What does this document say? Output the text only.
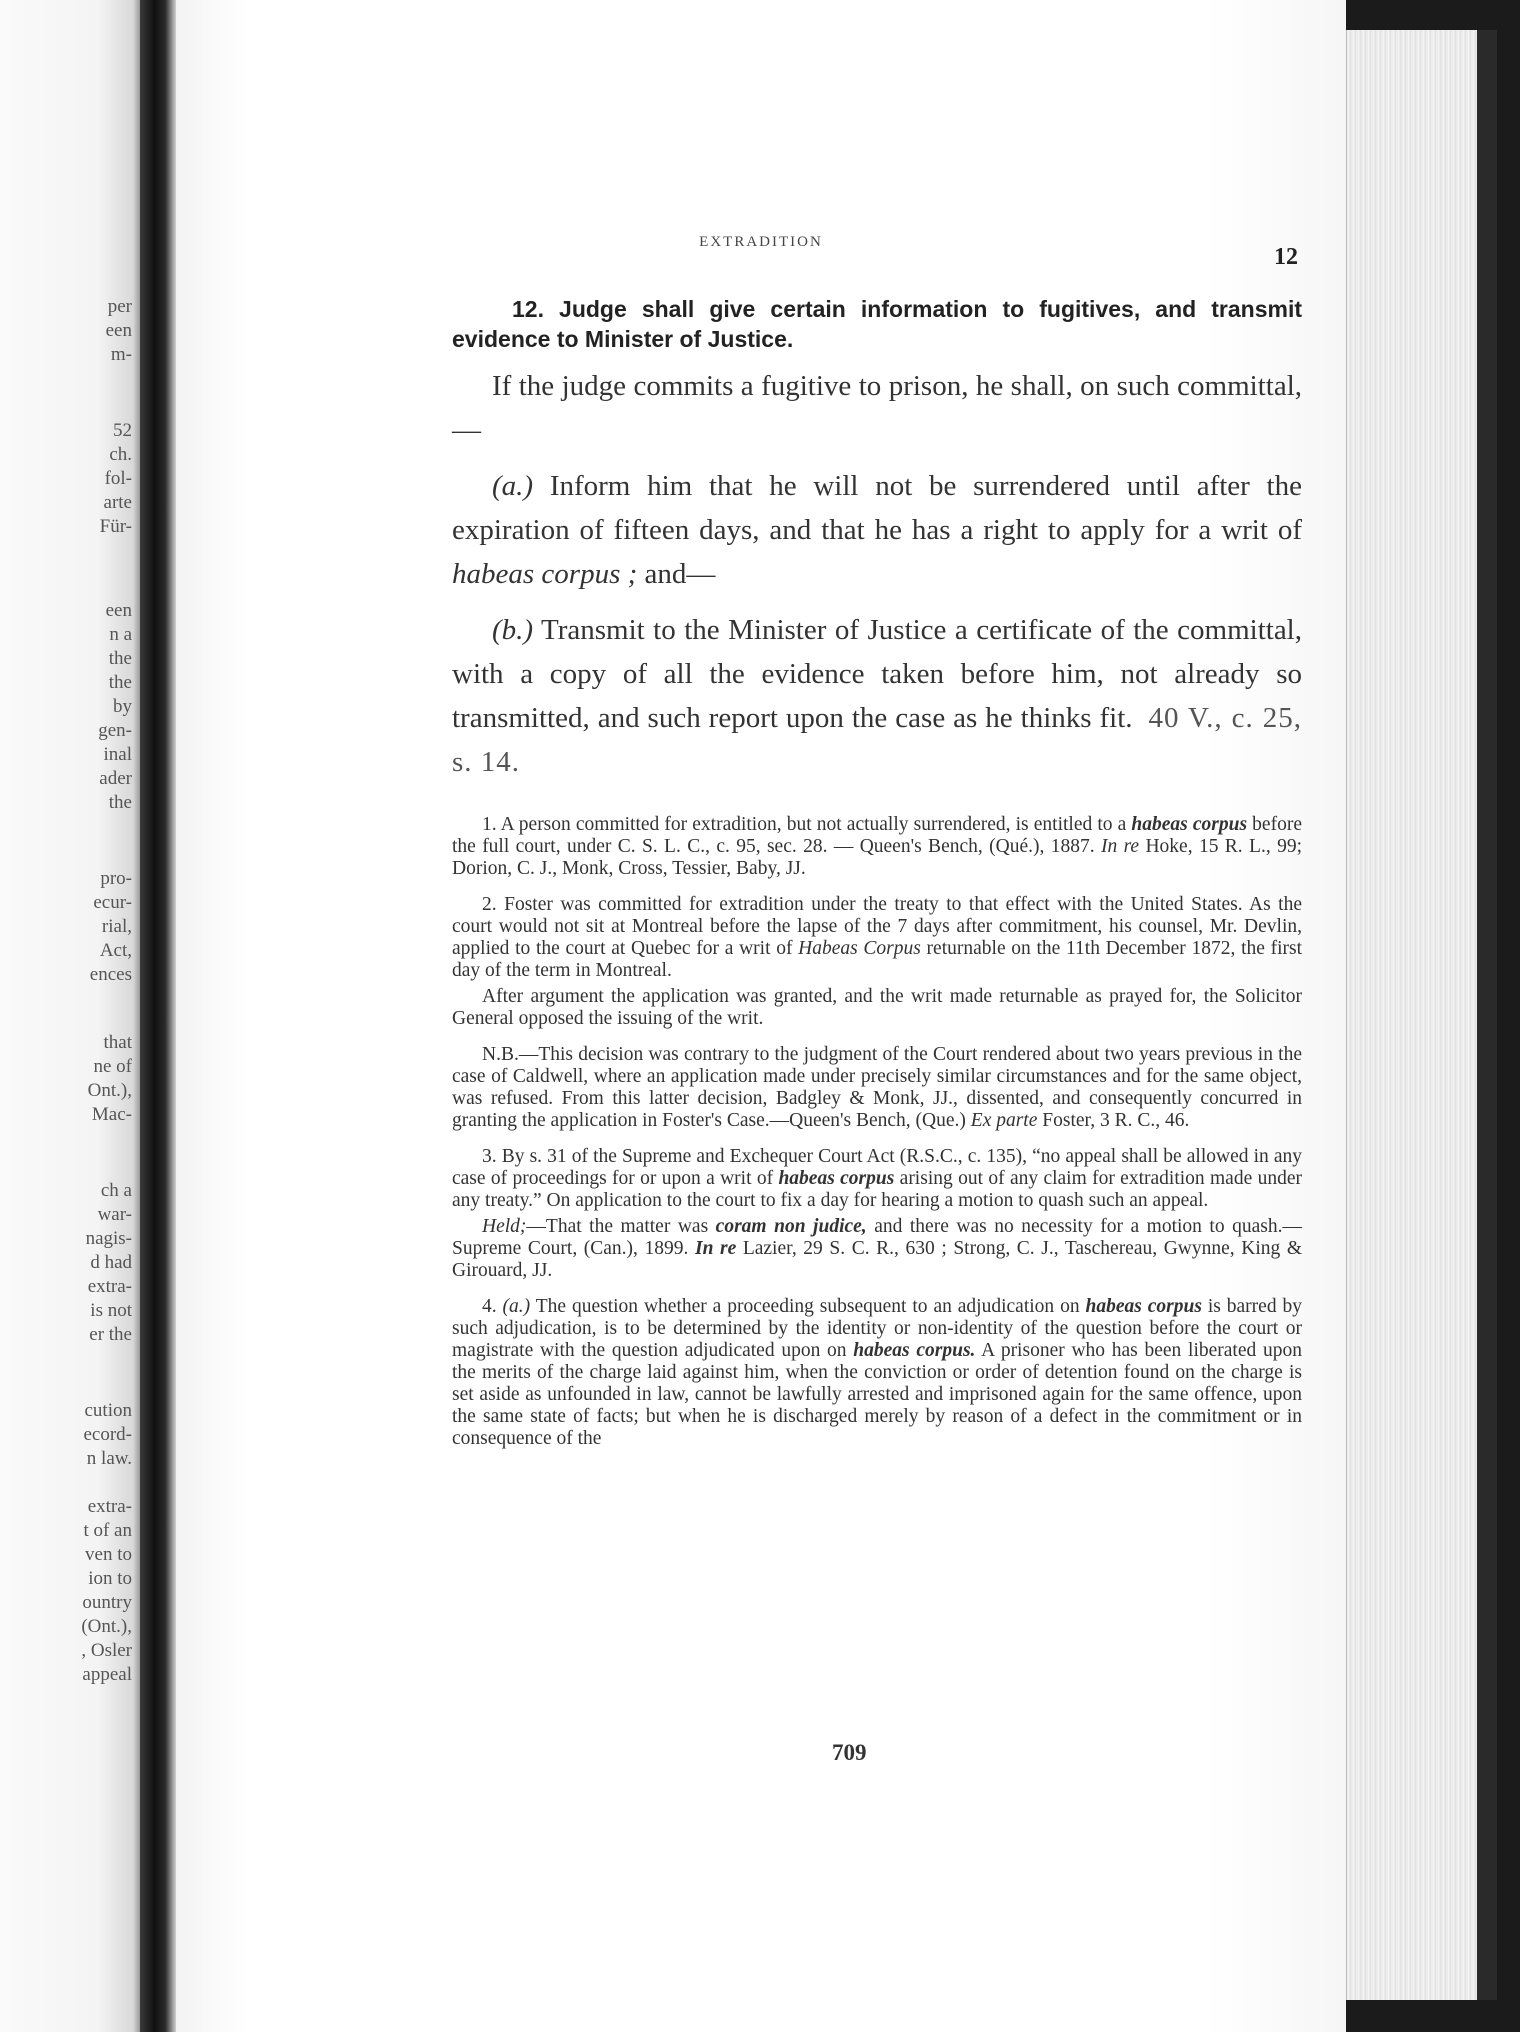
per
een
m-
52
ch.
fol-
arte
Für-
een
n a
the
the
by
gen-
inal
ader
the
pro-
ecur-
rial,
Act,
ences
that
ne of
Ont.),
Mac-
ch a
war-
nagis-
d had
extra-
is not
er the
cution
ecord-
n law.
extra-
t of an
ven to
ion to
ountry
(Ont.),
, Osler
appeal
EXTRADITION
12

12. Judge shall give certain information to fugitives, and transmit evidence to Minister of Justice.

If the judge commits a fugitive to prison, he shall, on such committal,—

(a.) Inform him that he will not be surrendered until after the expiration of fifteen days, and that he has a right to apply for a writ of habeas corpus ; and—

(b.) Transmit to the Minister of Justice a certificate of the committal, with a copy of all the evidence taken before him, not already so transmitted, and such report upon the case as he thinks fit. 40 V., c. 25, s. 14.

1. A person committed for extradition, but not actually surrendered, is entitled to a habeas corpus before the full court, under C. S. L. C., c. 95, sec. 28. — Queen's Bench, (Qué.), 1887. In re Hoke, 15 R. L., 99; Dorion, C. J., Monk, Cross, Tessier, Baby, JJ.

2. Foster was committed for extradition under the treaty to that effect with the United States. As the court would not sit at Montreal before the lapse of the 7 days after commitment, his counsel, Mr. Devlin, applied to the court at Quebec for a writ of Habeas Corpus returnable on the 11th December 1872, the first day of the term in Montreal.

After argument the application was granted, and the writ made returnable as prayed for, the Solicitor General opposed the issuing of the writ.

N.B.—This decision was contrary to the judgment of the Court rendered about two years previous in the case of Caldwell, where an application made under precisely similar circumstances and for the same object, was refused. From this latter decision, Badgley & Monk, JJ., dissented, and consequently concurred in granting the application in Foster's Case.—Queen's Bench, (Que.) Ex parte Foster, 3 R. C., 46.

3. By s. 31 of the Supreme and Exchequer Court Act (R.S.C., c. 135), “no appeal shall be allowed in any case of proceedings for or upon a writ of habeas corpus arising out of any claim for extradition made under any treaty.” On application to the court to fix a day for hearing a motion to quash such an appeal.

Held;—That the matter was coram non judice, and there was no necessity for a motion to quash.—Supreme Court, (Can.), 1899. In re Lazier, 29 S. C. R., 630 ; Strong, C. J., Taschereau, Gwynne, King & Girouard, JJ.

4. (a.) The question whether a proceeding subsequent to an adjudication on habeas corpus is barred by such adjudication, is to be determined by the identity or non-identity of the question before the court or magistrate with the question adjudicated upon on habeas corpus. A prisoner who has been liberated upon the merits of the charge laid against him, when the conviction or order of detention found on the charge is set aside as unfounded in law, cannot be lawfully arrested and imprisoned again for the same offence, upon the same state of facts; but when he is discharged merely by reason of a defect in the commitment or in consequence of the

709
